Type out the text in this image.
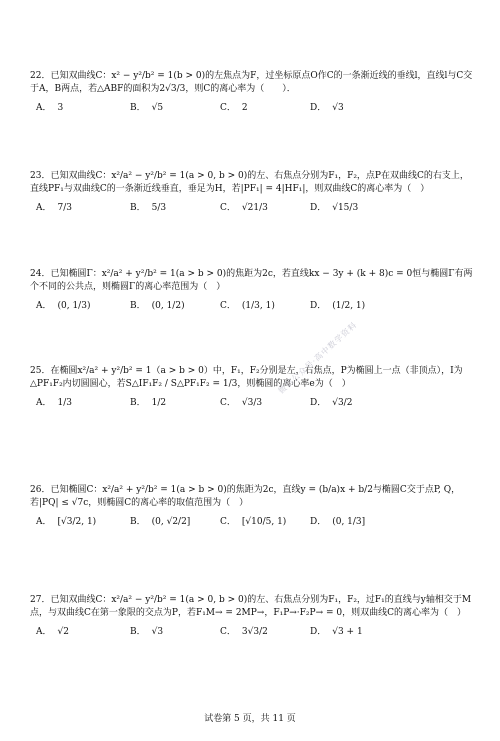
22．已知双曲线C：x² − y²/b² = 1(b > 0)的左焦点为F，过坐标原点O作C的一条渐近线的垂线l，直线l与C交于A，B两点，若△ABF的面积为2√3/3，则C的离心率为（　　）．
A． 3	B． √5	C． 2	D． √3
23．已知双曲线C：x²/a² − y²/b² = 1(a > 0, b > 0)的左、右焦点分别为F₁，F₂，点P在双曲线C的右支上，直线PF₁与双曲线C的一条渐近线垂直，垂足为H，若|PF₁| = 4|HF₁|，则双曲线C的离心率为（　）
A． 7/3	B． 5/3	C． √21/3	D． √15/3
24．已知椭圆Γ：x²/a² + y²/b² = 1(a > b > 0)的焦距为2c，若直线kx − 3y + (k + 8)c = 0恒与椭圆Γ有两个不同的公共点，则椭圆Γ的离心率范围为（　）
A． (0, 1/3)	B． (0, 1/2)	C． (1/3, 1)	D． (1/2, 1)
25．在椭圆x²/a² + y²/b² = 1（a > b > 0）中，F₁，F₂分别是左，右焦点，P为椭圆上一点（非顶点），I为△PF₁F₂内切圆圆心，若S△IF₁F₂ / S△PF₁F₂ = 1/3，则椭圆的离心率e为（　）
A． 1/3	B． 1/2	C． √3/3	D． √3/2
26．已知椭圆C：x²/a² + y²/b² = 1(a > b > 0)的焦距为2c，直线y = (b/a)x + b/2与椭圆C交于点P, Q，若|PQ| ≤ √7c，则椭圆C的离心率的取值范围为（　）
A． [√3/2, 1)	B． (0, √2/2]	C． [√10/5, 1)	D． (0, 1/3]
27．已知双曲线C：x²/a² − y²/b² = 1(a > 0, b > 0)的左、右焦点分别为F₁，F₂，过F₁的直线与y轴相交于M点，与双曲线C在第一象限的交点为P，若F₁M→ = 2MP→，F₁P→·F₂P→ = 0，则双曲线C的离心率为（　）
A． √2	B． √3	C． 3√3/2	D． √3 + 1
微信公众号·高中数学资料
试卷第 5 页，共 11 页
